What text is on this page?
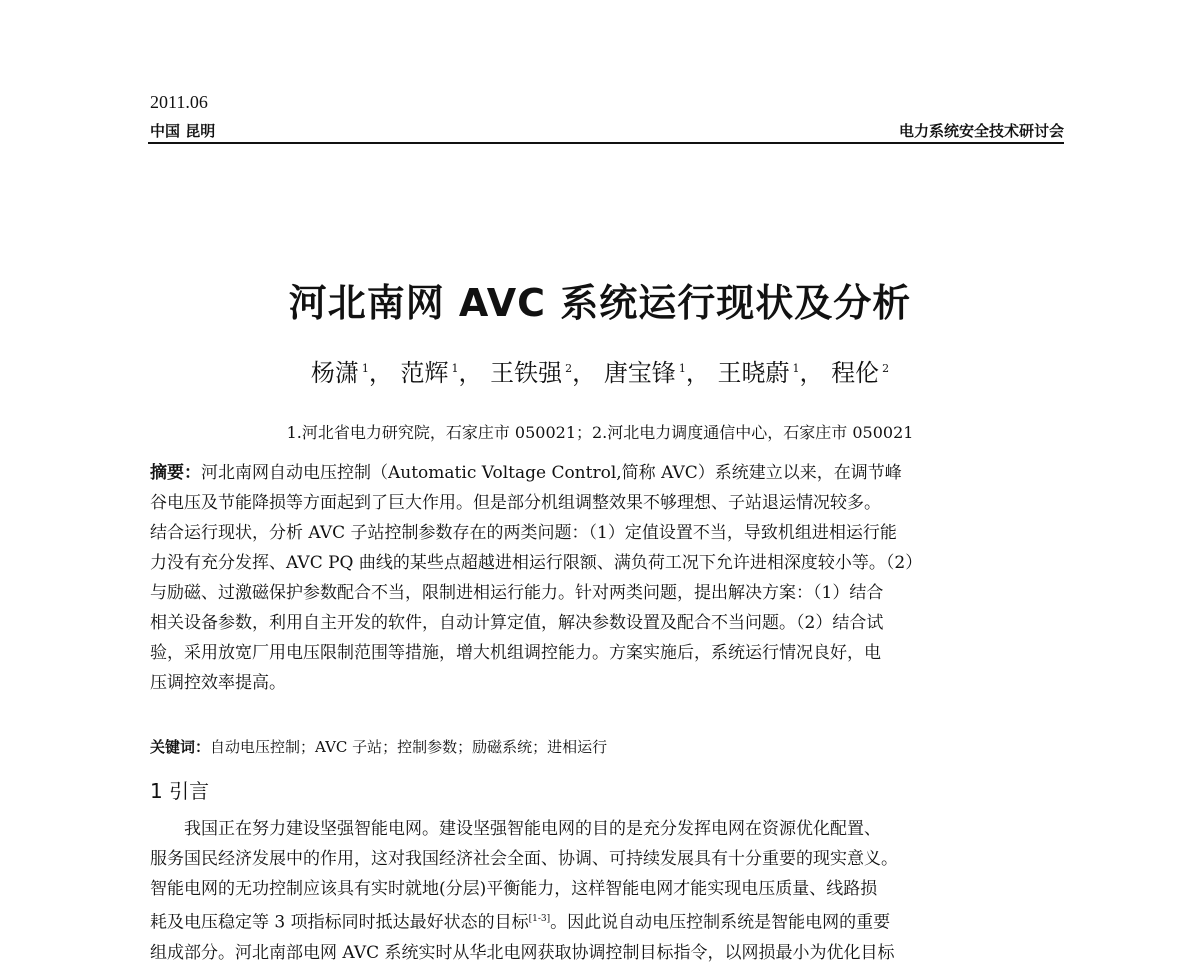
2011.06
中国 昆明	电力系统安全技术研讨会
河北南网 AVC 系统运行现状及分析
杨潇 $^1$， 范辉 $^1$， 王铁强 $^2$， 唐宝锋 $^1$， 王晓蔚 $^1$， 程伦 $^2$
1.河北省电力研究院，石家庄市 050021；2.河北电力调度通信中心，石家庄市 050021
摘要：河北南网自动电压控制（Automatic Voltage Control,简称 AVC）系统建立以来，在调节峰
谷电压及节能降损等方面起到了巨大作用。但是部分机组调整效果不够理想、子站退运情况较多。
结合运行现状，分析 AVC 子站控制参数存在的两类问题：（1）定值设置不当，导致机组进相运行能
力没有充分发挥、AVC PQ 曲线的某些点超越进相运行限额、满负荷工况下允许进相深度较小等。（2）
与励磁、过激磁保护参数配合不当，限制进相运行能力。针对两类问题，提出解决方案：（1）结合
相关设备参数，利用自主开发的软件，自动计算定值，解决参数设置及配合不当问题。（2）结合试
验，采用放宽厂用电压限制范围等措施，增大机组调控能力。方案实施后，系统运行情况良好，电
压调控效率提高。
关键词：自动电压控制；AVC 子站；控制参数；励磁系统；进相运行
1 引言
我国正在努力建设坚强智能电网。建设坚强智能电网的目的是充分发挥电网在资源优化配置、
服务国民经济发展中的作用，这对我国经济社会全面、协调、可持续发展具有十分重要的现实意义。
智能电网的无功控制应该具有实时就地(分层)平衡能力，这样智能电网才能实现电压质量、线路损
耗及电压稳定等 3 项指标同时抵达最好状态的目标[1-3]。因此说自动电压控制系统是智能电网的重要
组成部分。河北南部电网 AVC 系统实时从华北电网获取协调控制目标指令，以网损最小为优化目标
